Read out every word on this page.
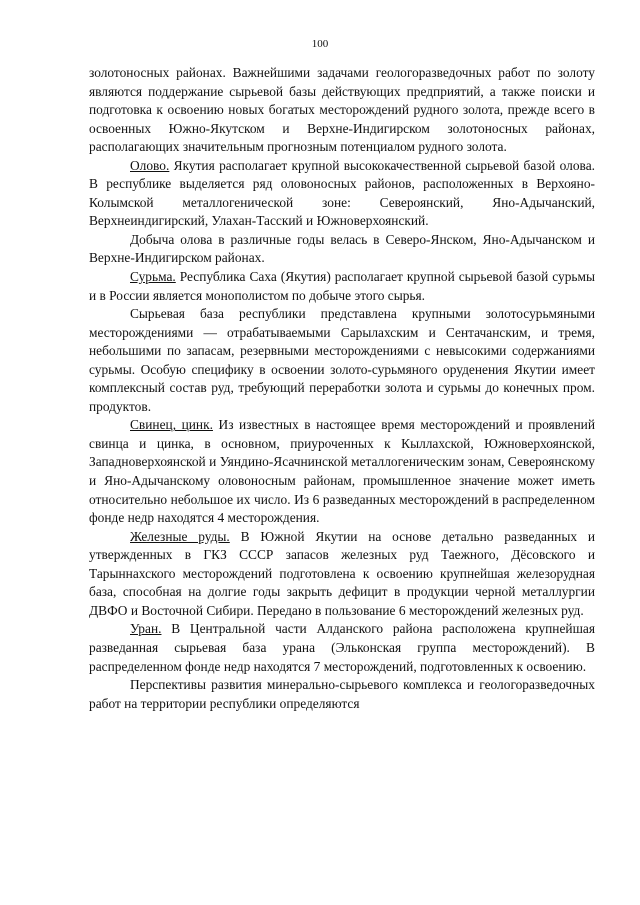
100

золотоносных районах. Важнейшими задачами геологоразведочных работ по золоту являются поддержание сырьевой базы действующих предприятий, а также поиски и подготовка к освоению новых богатых месторождений рудного золота, прежде всего в освоенных Южно-Якутском и Верхне-Индигирском золотоносных районах, располагающих значительным прогнозным потенциалом рудного золота.

Олово. Якутия располагает крупной высококачественной сырьевой базой олова. В республике выделяется ряд оловоносных районов, расположенных в Верхояно-Колымской металлогенической зоне: Североянский, Яно-Адычанский, Верхнеиндигирский, Улахан-Тасский и Южноверхоянский.

Добыча олова в различные годы велась в Северо-Янском, Яно-Адычанском и Верхне-Индигирском районах.

Сурьма. Республика Саха (Якутия) располагает крупной сырьевой базой сурьмы и в России является монополистом по добыче этого сырья.

Сырьевая база республики представлена крупными золотосурьмяными месторождениями — отрабатываемыми Сарылахским и Сентачанским, и тремя, небольшими по запасам, резервными месторождениями с невысокими содержаниями сурьмы. Особую специфику в освоении золото-сурьмяного оруденения Якутии имеет комплексный состав руд, требующий переработки золота и сурьмы до конечных пром. продуктов.

Свинец, цинк. Из известных в настоящее время месторождений и проявлений свинца и цинка, в основном, приуроченных к Кыллахской, Южноверхоянской, Западноверхоянской и Уяндино-Ясачнинской металлогеническим зонам, Североянскому и Яно-Адычанскому оловоносным районам, промышленное значение может иметь относительно небольшое их число. Из 6 разведанных месторождений в распределенном фонде недр находятся 4 месторождения.

Железные руды. В Южной Якутии на основе детально разведанных и утвержденных в ГКЗ СССР запасов железных руд Таежного, Дёсовского и Тарыннахского месторождений подготовлена к освоению крупнейшая железорудная база, способная на долгие годы закрыть дефицит в продукции черной металлургии ДВФО и Восточной Сибири. Передано в пользование 6 месторождений железных руд.

Уран. В Центральной части Алданского района расположена крупнейшая разведанная сырьевая база урана (Эльконская группа месторождений). В распределенном фонде недр находятся 7 месторождений, подготовленных к освоению.

Перспективы развития минерально-сырьевого комплекса и геологоразведочных работ на территории республики определяются
